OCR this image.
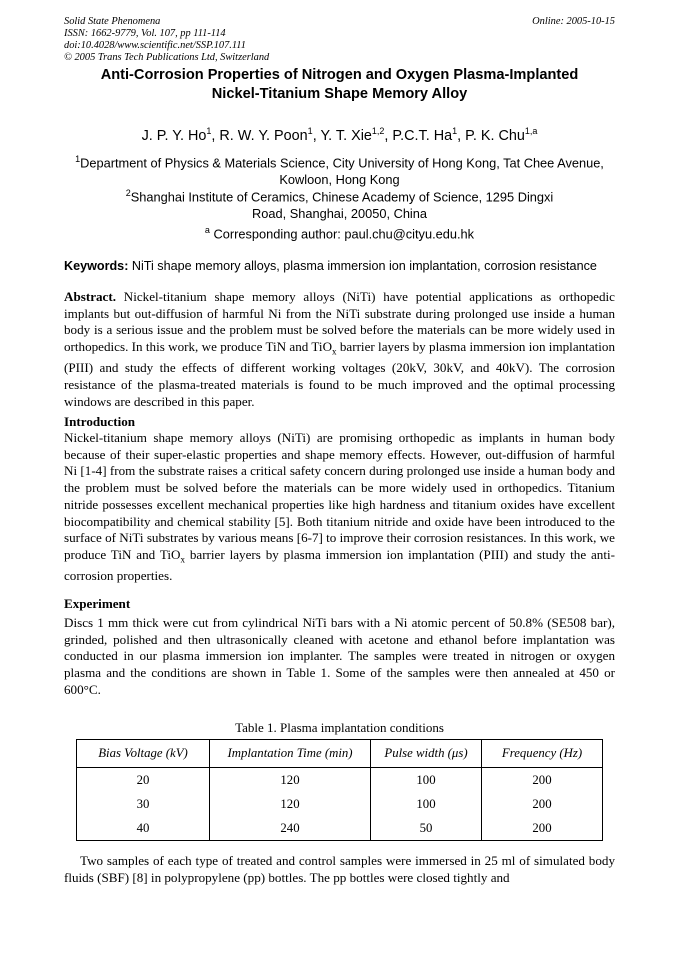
Solid State Phenomena
ISSN: 1662-9779, Vol. 107, pp 111-114
doi:10.4028/www.scientific.net/SSP.107.111
© 2005 Trans Tech Publications Ltd, Switzerland
Online: 2005-10-15
Anti-Corrosion Properties of Nitrogen and Oxygen Plasma-Implanted
Nickel-Titanium Shape Memory Alloy
J. P. Y. Ho$^1$, R. W. Y. Poon$^1$, Y. T. Xie$^{1,2}$, P.C.T. Ha$^1$, P. K. Chu$^{1,a}$
$^1$Department of Physics & Materials Science, City University of Hong Kong, Tat Chee Avenue,
Kowloon, Hong Kong
$^2$Shanghai Institute of Ceramics, Chinese Academy of Science, 1295 Dingxi
Road, Shanghai, 20050, China
$^a$ Corresponding author: paul.chu@cityu.edu.hk
Keywords: NiTi shape memory alloys, plasma immersion ion implantation, corrosion resistance
Abstract. Nickel-titanium shape memory alloys (NiTi) have potential applications as orthopedic implants but out-diffusion of harmful Ni from the NiTi substrate during prolonged use inside a human body is a serious issue and the problem must be solved before the materials can be more widely used in orthopedics. In this work, we produce TiN and TiO$_x$ barrier layers by plasma immersion ion implantation (PIII) and study the effects of different working voltages (20kV, 30kV, and 40kV). The corrosion resistance of the plasma-treated materials is found to be much improved and the optimal processing windows are described in this paper.
Introduction
Nickel-titanium shape memory alloys (NiTi) are promising orthopedic as implants in human body because of their super-elastic properties and shape memory effects. However, out-diffusion of harmful Ni [1-4] from the substrate raises a critical safety concern during prolonged use inside a human body and the problem must be solved before the materials can be more widely used in orthopedics. Titanium nitride possesses excellent mechanical properties like high hardness and titanium oxides have excellent biocompatibility and chemical stability [5]. Both titanium nitride and oxide have been introduced to the surface of NiTi substrates by various means [6-7] to improve their corrosion resistances. In this work, we produce TiN and TiO$_x$ barrier layers by plasma immersion ion implantation (PIII) and study the anti-corrosion properties.
Experiment
Discs 1 mm thick were cut from cylindrical NiTi bars with a Ni atomic percent of 50.8% (SE508 bar), grinded, polished and then ultrasonically cleaned with acetone and ethanol before implantation was conducted in our plasma immersion ion implanter. The samples were treated in nitrogen or oxygen plasma and the conditions are shown in Table 1. Some of the samples were then annealed at 450 or 600°C.
Table 1. Plasma implantation conditions
Bias Voltage (kV)	Implantation Time (min)	Pulse width (μs)	Frequency (Hz)
20	120	100	200
30	120	100	200
40	240	50	200
Two samples of each type of treated and control samples were immersed in 25 ml of simulated body fluids (SBF) [8] in polypropylene (pp) bottles. The pp bottles were closed tightly and
